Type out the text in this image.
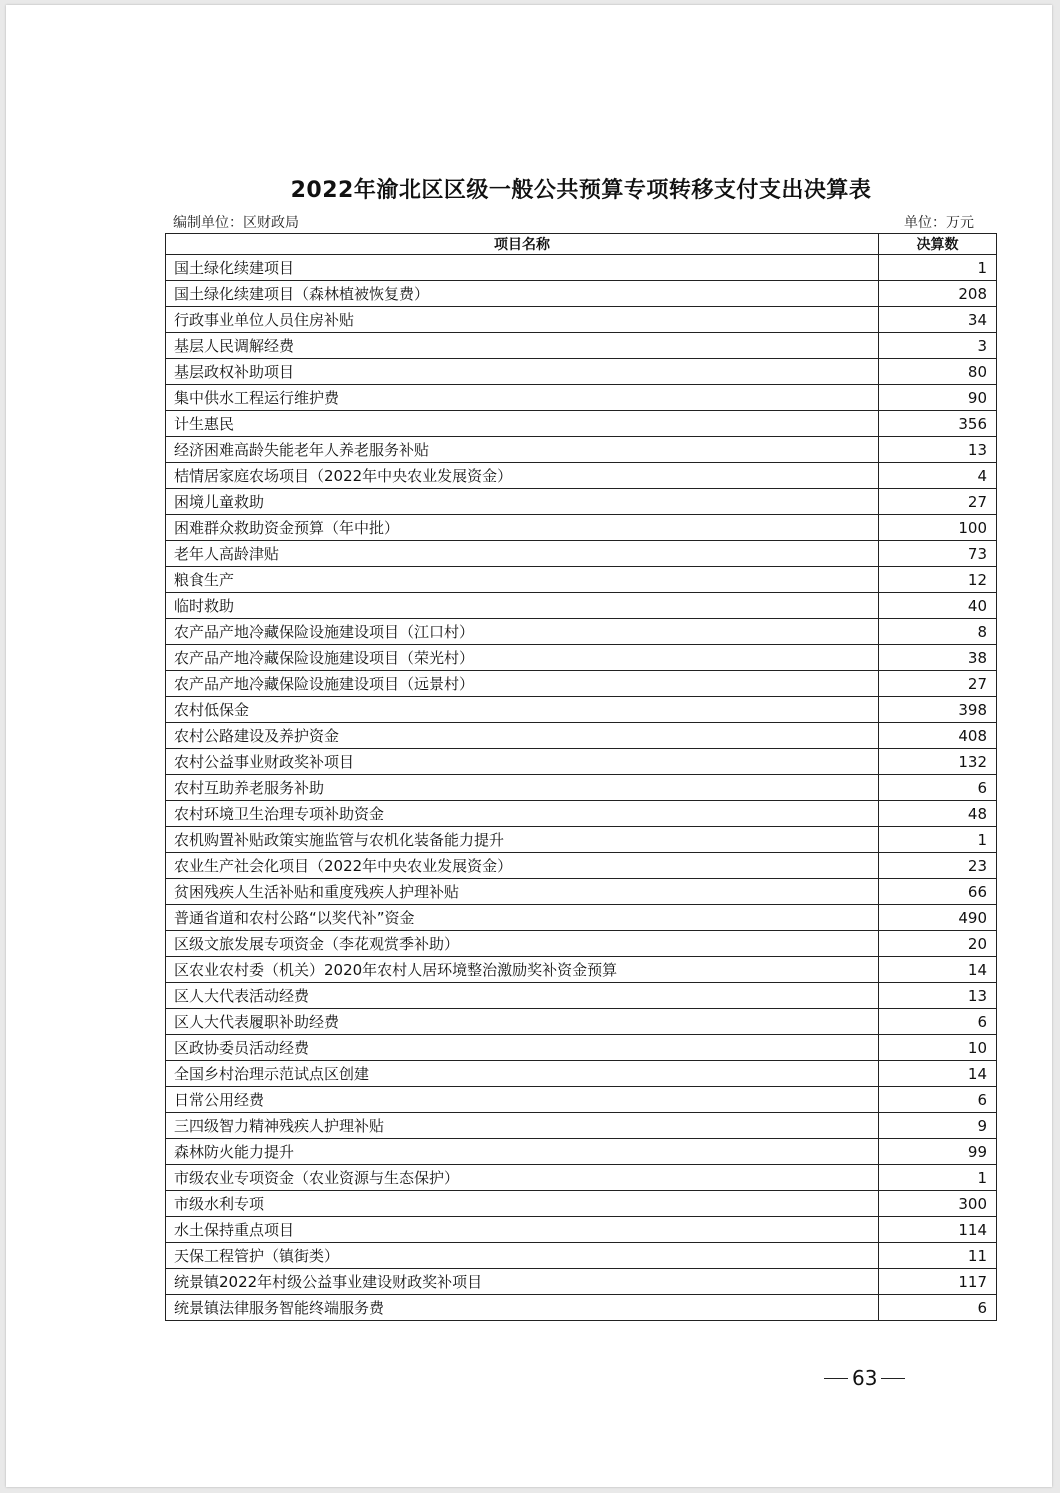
2022年渝北区区级一般公共预算专项转移支付支出决算表
编制单位：区财政局	单位：万元
项目名称	决算数
国土绿化续建项目	1
国土绿化续建项目（森林植被恢复费）	208
行政事业单位人员住房补贴	34
基层人民调解经费	3
基层政权补助项目	80
集中供水工程运行维护费	90
计生惠民	356
经济困难高龄失能老年人养老服务补贴	13
桔情居家庭农场项目（2022年中央农业发展资金）	4
困境儿童救助	27
困难群众救助资金预算（年中批）	100
老年人高龄津贴	73
粮食生产	12
临时救助	40
农产品产地冷藏保险设施建设项目（江口村）	8
农产品产地冷藏保险设施建设项目（荣光村）	38
农产品产地冷藏保险设施建设项目（远景村）	27
农村低保金	398
农村公路建设及养护资金	408
农村公益事业财政奖补项目	132
农村互助养老服务补助	6
农村环境卫生治理专项补助资金	48
农机购置补贴政策实施监管与农机化装备能力提升	1
农业生产社会化项目（2022年中央农业发展资金）	23
贫困残疾人生活补贴和重度残疾人护理补贴	66
普通省道和农村公路“以奖代补”资金	490
区级文旅发展专项资金（李花观赏季补助）	20
区农业农村委（机关）2020年农村人居环境整治激励奖补资金预算	14
区人大代表活动经费	13
区人大代表履职补助经费	6
区政协委员活动经费	10
全国乡村治理示范试点区创建	14
日常公用经费	6
三四级智力精神残疾人护理补贴	9
森林防火能力提升	99
市级农业专项资金（农业资源与生态保护）	1
市级水利专项	300
水土保持重点项目	114
天保工程管护（镇街类）	11
统景镇2022年村级公益事业建设财政奖补项目	117
统景镇法律服务智能终端服务费	6
63
